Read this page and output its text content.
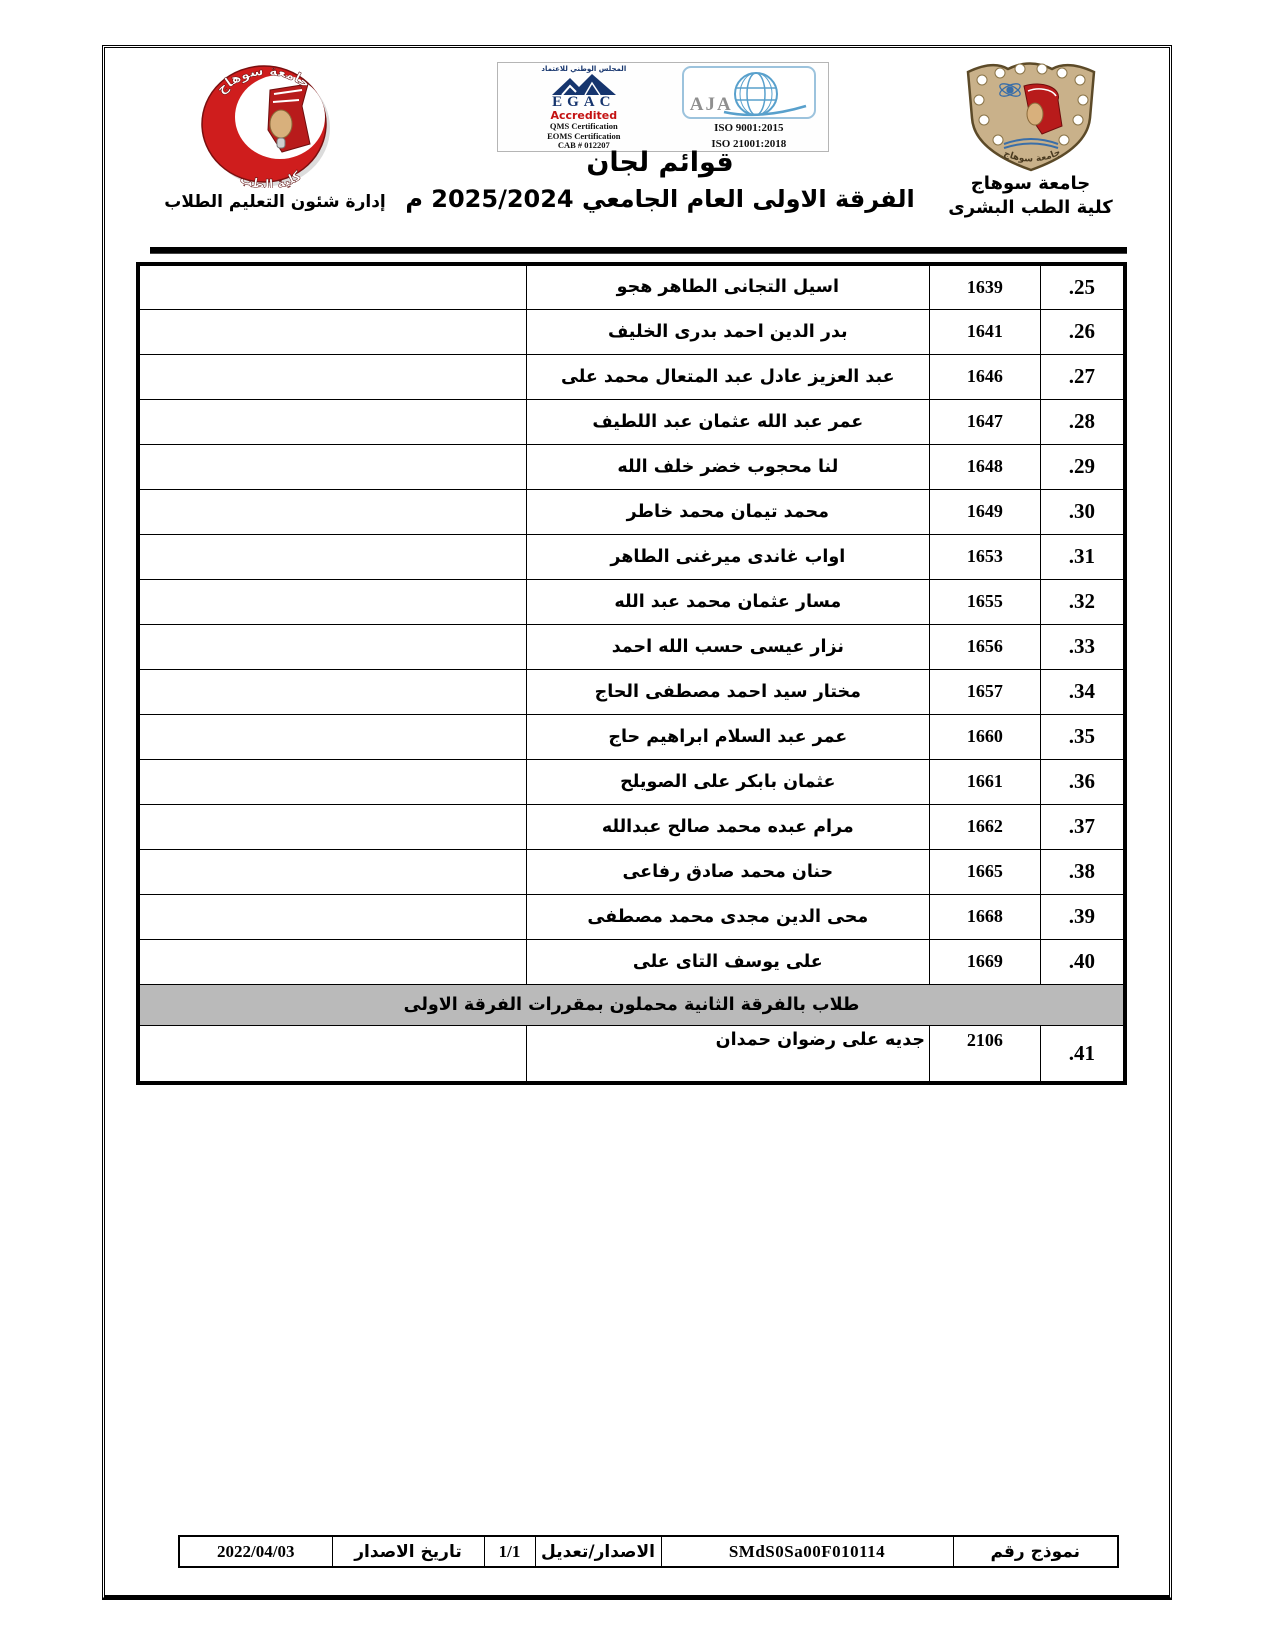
جامعة سوهاج
كلية الطب
إدارة شئون التعليم الطلاب
المجلس الوطني للاعتماد
EGAC
Accredited
QMS Certification
EOMS Certification
CAB # 012207
AJA
ISO 9001:2015
ISO 21001:2018
قوائم لجان
الفرقة الاولى العام الجامعي 2025/2024 م
جامعة سوهاج
جامعة سوهاج
كلية الطب البشرى
.25	1639	اسيل التجانى الطاهر هجو	
.26	1641	بدر الدين احمد بدرى الخليف	
.27	1646	عبد العزيز عادل عبد المتعال محمد على	
.28	1647	عمر عبد الله عثمان عبد اللطيف	
.29	1648	لنا محجوب خضر خلف الله	
.30	1649	محمد تيمان محمد خاطر	
.31	1653	اواب غاندى ميرغنى الطاهر	
.32	1655	مسار عثمان محمد عبد الله	
.33	1656	نزار عيسى حسب الله احمد	
.34	1657	مختار سيد احمد مصطفى الحاج	
.35	1660	عمر عبد السلام ابراهيم حاج	
.36	1661	عثمان بابكر على الصويلح	
.37	1662	مرام عبده محمد صالح عبدالله	
.38	1665	حنان محمد صادق رفاعى	
.39	1668	محى الدين مجدى محمد مصطفى	
.40	1669	على يوسف التاى على	
طلاب بالفرقة الثانية محملون بمقررات الفرقة الاولى			
.41	2106	جديه على رضوان حمدان	
نموذج رقم	SMdS0Sa00F010114	الاصدار/تعديل	1/1	تاريخ الاصدار	2022/04/03
